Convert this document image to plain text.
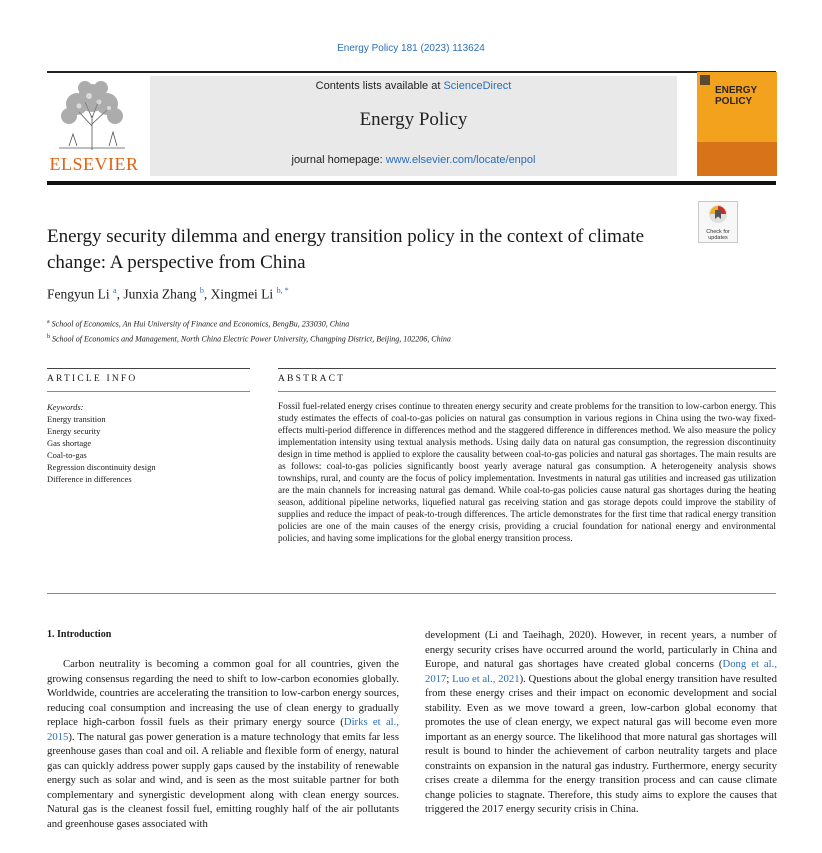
Energy Policy 181 (2023) 113624
ELSEVIER
Contents lists available at ScienceDirect
Energy Policy
journal homepage: www.elsevier.com/locate/enpol
ENERGY
POLICY
Check for
updates
Energy security dilemma and energy transition policy in the context of climate change: A perspective from China
Fengyun Li $^a$, Junxia Zhang $^b$, Xingmei Li $^{b, *}$
$^a$ School of Economics, An Hui University of Finance and Economics, BengBu, 233030, China
$^b$ School of Economics and Management, North China Electric Power University, Changping District, Beijing, 102206, China
ARTICLE INFO	ABSTRACT
Keywords:
Energy transition
Energy security
Gas shortage
Coal-to-gas
Regression discontinuity design
Difference in differences
Fossil fuel-related energy crises continue to threaten energy security and create problems for the transition to low-carbon energy. This study estimates the effects of coal-to-gas policies on natural gas consumption in various regions in China using the two-way fixed-effects multi-period difference in differences method and the staggered difference in differences method. We also measure the policy implementation intensity using textual analysis methods. Using daily data on natural gas consumption, the regression discontinuity design in time method is applied to explore the causality between coal-to-gas policies and natural gas shortages. The main results are as follows: coal-to-gas policies significantly boost yearly average natural gas consumption. A heterogeneity analysis shows townships, rural, and county are the focus of policy implementation. Investments in natural gas utilities and increased gas utilization are the main channels for increasing natural gas demand. While coal-to-gas policies cause natural gas shortages during the heating season, additional pipeline networks, liquefied natural gas receiving station and gas storage depots could improve the stability of supplies and reduce the impact of peak-to-trough differences. The article demonstrates for the first time that radical energy transition policies are one of the main causes of the energy crisis, providing a crucial foundation for national energy and environmental policies, and having some implications for the global energy transition process.
1. Introduction
Carbon neutrality is becoming a common goal for all countries, given the growing consensus regarding the need to shift to low-carbon economies globally. Worldwide, countries are accelerating the transition to low-carbon energy sources, reducing coal consumption and increasing the use of clean energy to gradually replace high-carbon fossil fuels as their primary energy source (Dirks et al., 2015). The natural gas power generation is a mature technology that emits far less greenhouse gases than coal and oil. A reliable and flexible form of energy, natural gas can quickly address power supply gaps caused by the instability of renewable energy such as solar and wind, and is seen as the most suitable partner for both complementary and synergistic development along with clean energy sources. Natural gas is the cleanest fossil fuel, emitting roughly half of the air pollutants and greenhouse gases associated with
development (Li and Taeihagh, 2020). However, in recent years, a number of energy security crises have occurred around the world, particularly in China and Europe, and natural gas shortages have created global concerns (Dong et al., 2017; Luo et al., 2021). Questions about the global energy transition have resulted from these energy crises and their impact on economic development and social stability. Even as we move toward a green, low-carbon global economy that promotes the use of clean energy, we expect natural gas will become even more important as an energy source. The likelihood that more natural gas shortages will result is bound to hinder the achievement of carbon neutrality targets and place constraints on expansion in the natural gas industry. Furthermore, energy security crises create a dilemma for the energy transition process and can cause climate change policies to stagnate. Therefore, this study aims to explore the causes that triggered the 2017 energy security crisis in China.
